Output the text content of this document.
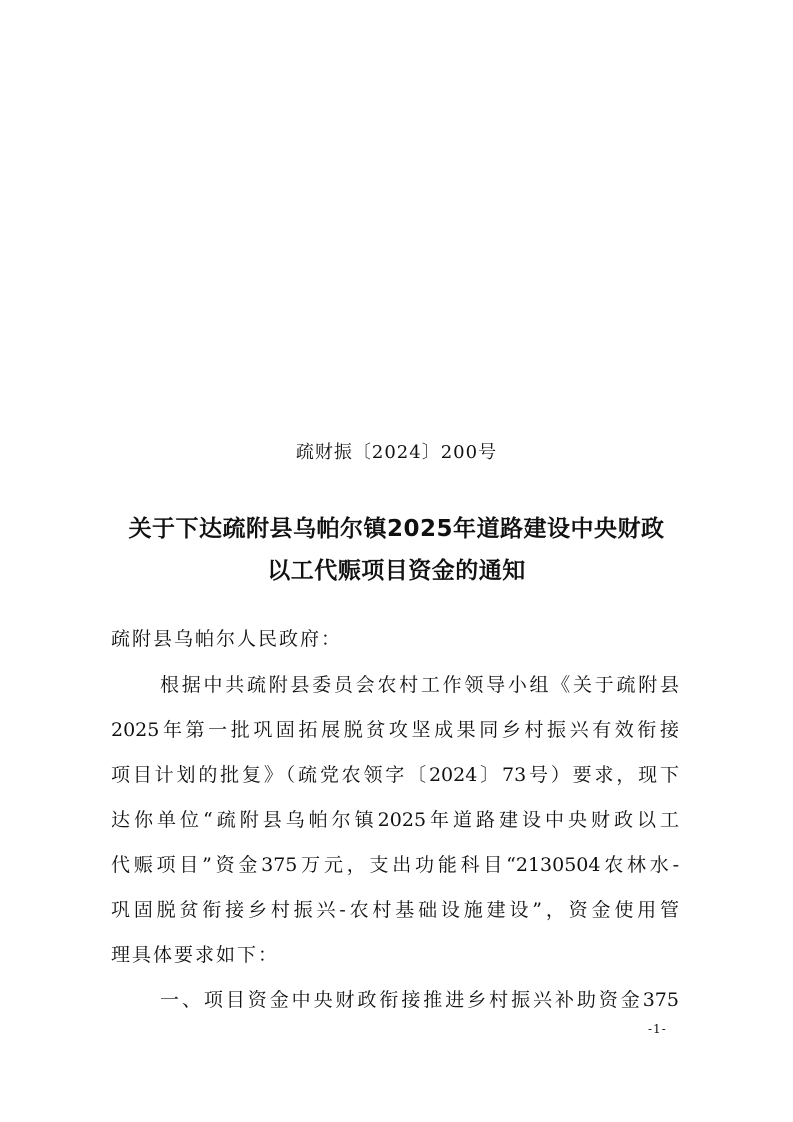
疏财振〔2024〕200号
关于下达疏附县乌帕尔镇2025年道路建设中央财政
以工代赈项目资金的通知
疏附县乌帕尔人民政府：
根据中共疏附县委员会农村工作领导小组《关于疏附县
2025年第一批巩固拓展脱贫攻坚成果同乡村振兴有效衔接
项目计划的批复》（疏党农领字〔2024〕73号）要求，现下
达你单位“疏附县乌帕尔镇2025年道路建设中央财政以工
代赈项目”资金375万元，支出功能科目“2130504农林水-
巩固脱贫衔接乡村振兴-农村基础设施建设”，资金使用管
理具体要求如下：
一、项目资金中央财政衔接推进乡村振兴补助资金375
-1-
